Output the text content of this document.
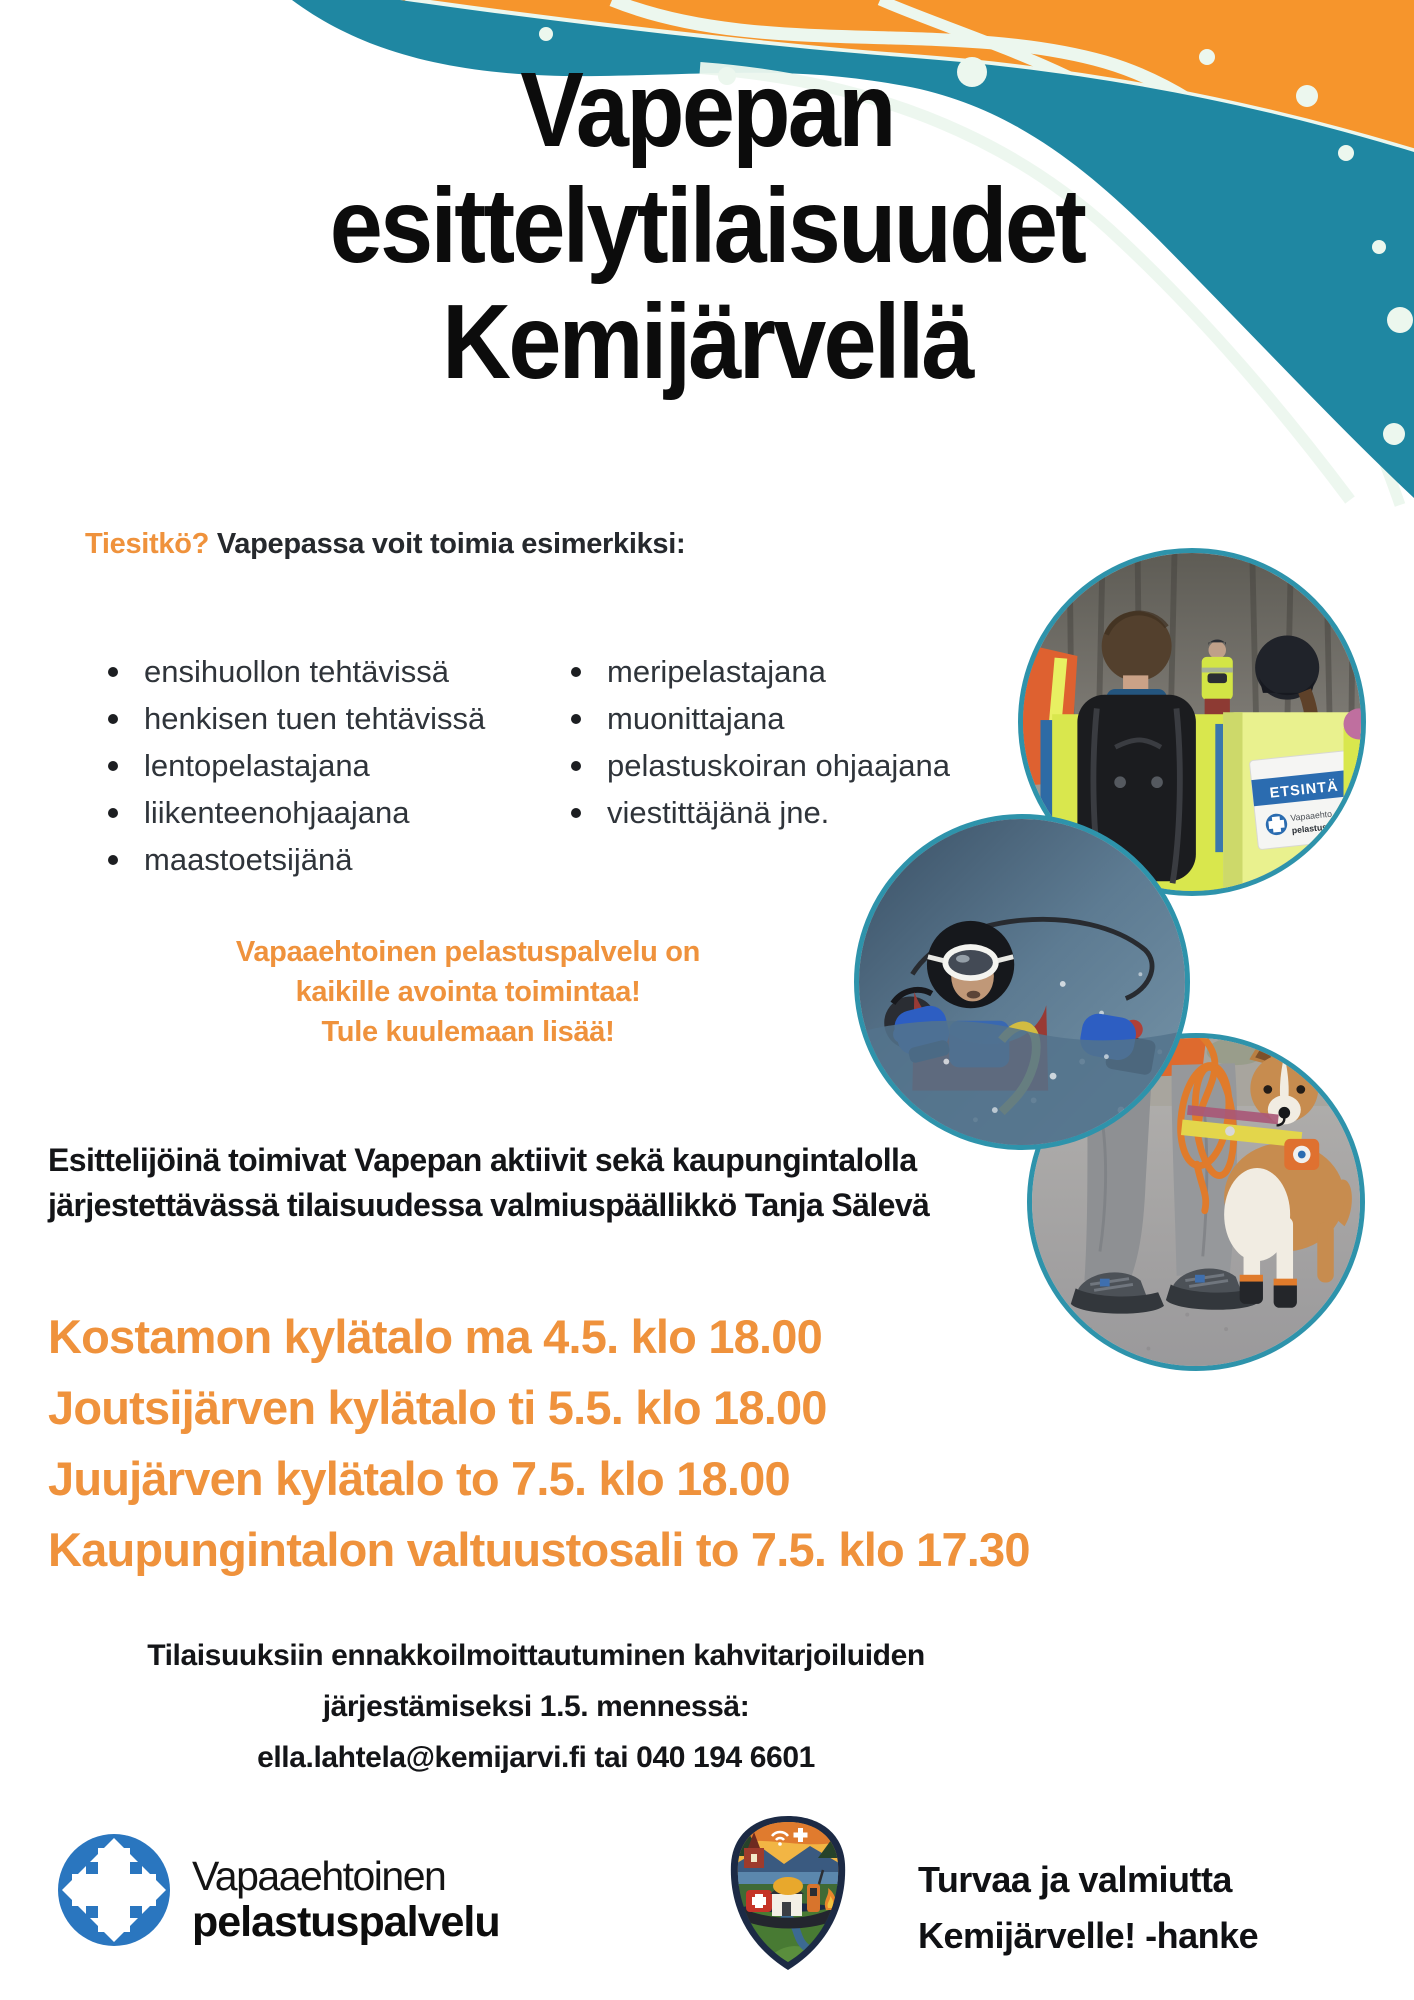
Vapepan
esittelytilaisuudet
Kemijärvellä
Tiesitkö? Vapepassa voit toimia esimerkiksi:
ensihuollon tehtävissä
henkisen tuen tehtävissä
lentopelastajana
liikenteenohjaajana
maastoetsijänä
meripelastajana
muonittajana
pelastuskoiran ohjaajana
viestittäjänä jne.
ETSINTÄ
Vapaaehto
pelastus
Vapaaehtoinen pelastuspalvelu on
kaikille avointa toimintaa!
Tule kuulemaan lisää!
Esittelijöinä toimivat Vapepan aktiivit sekä kaupungintalolla
järjestettävässä tilaisuudessa valmiuspäällikkö Tanja Sälevä
Kostamon kylätalo ma 4.5. klo 18.00
Joutsijärven kylätalo ti 5.5. klo 18.00
Juujärven kylätalo to 7.5. klo 18.00
Kaupungintalon valtuustosali to 7.5. klo 17.30
Tilaisuuksiin ennakkoilmoittautuminen kahvitarjoiluiden
järjestämiseksi 1.5. mennessä:
ella.lahtela@kemijarvi.fi tai 040 194 6601
Vapaaehtoinen
pelastuspalvelu
Turvaa ja valmiutta
Kemijärvelle! -hanke
